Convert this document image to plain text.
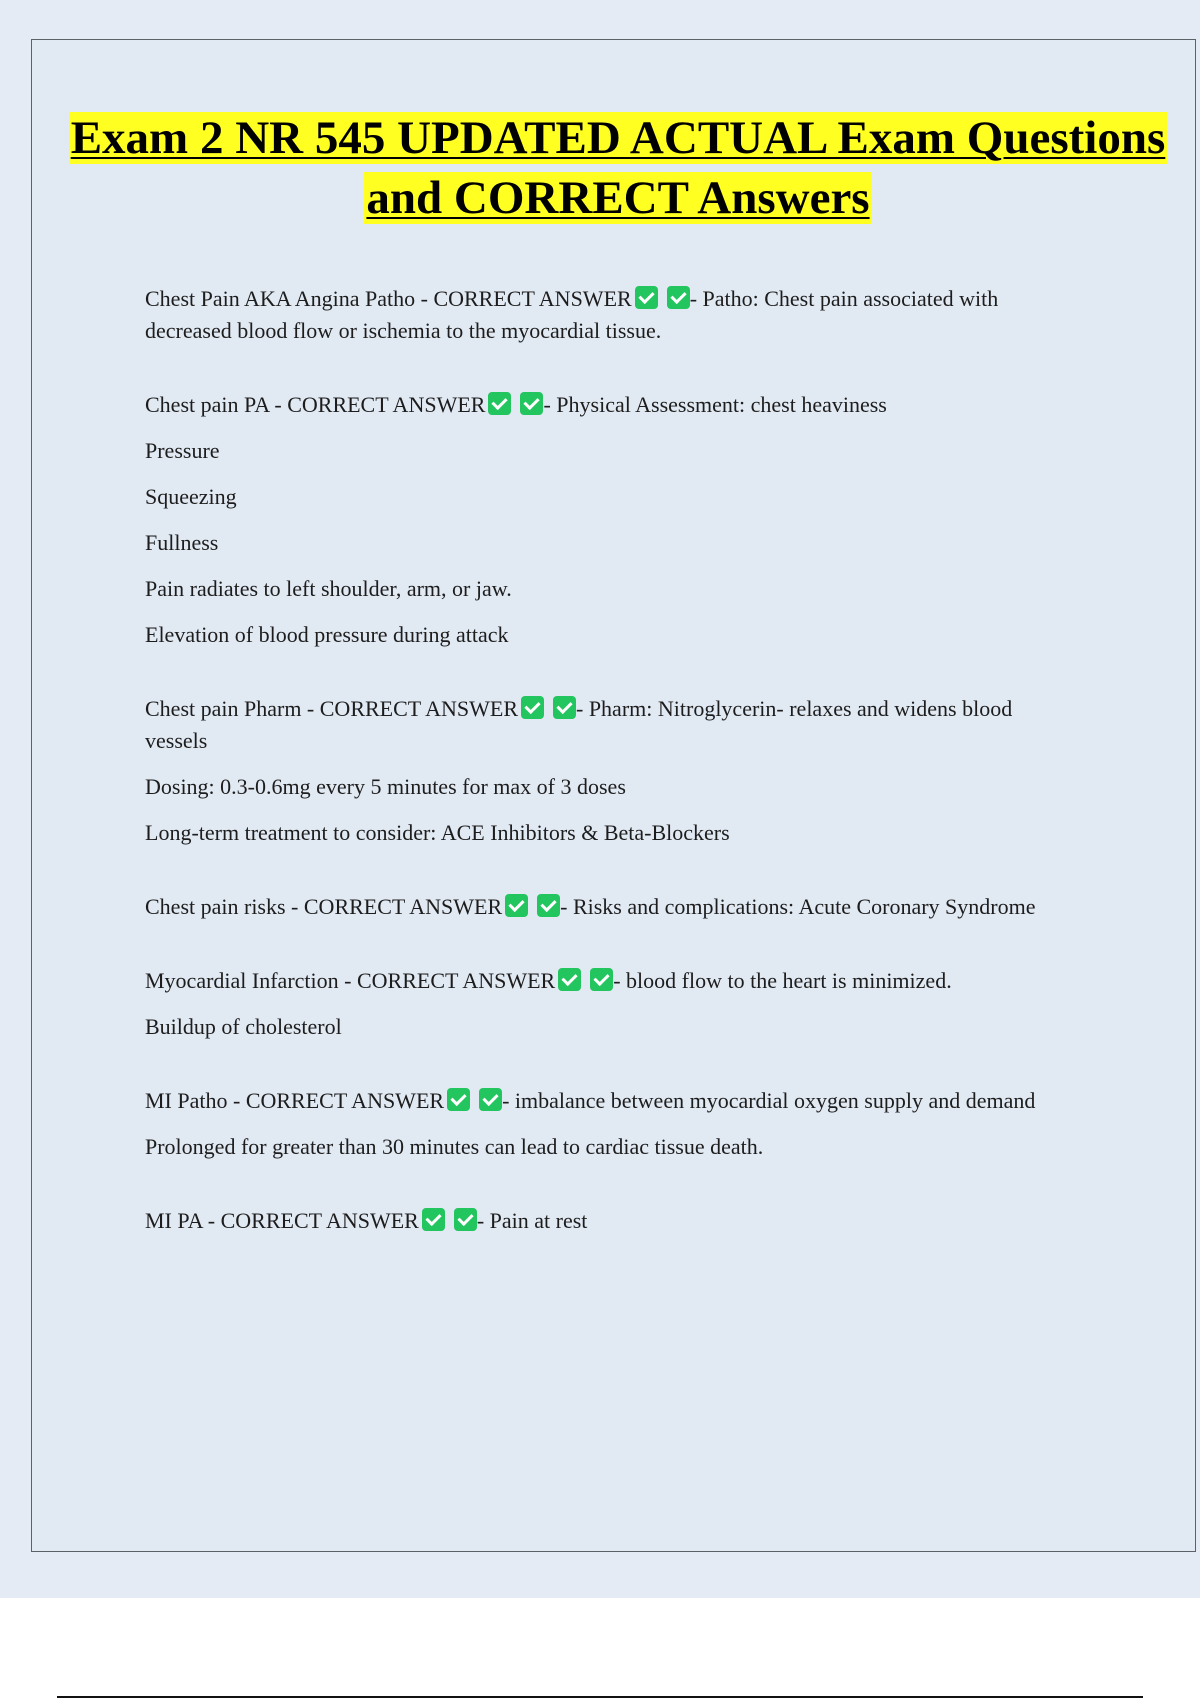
Exam 2 NR 545 UPDATED ACTUAL Exam Questions and CORRECT Answers

Chest Pain AKA Angina Patho - CORRECT ANSWER	- Patho: Chest pain associated with decreased blood flow or ischemia to the myocardial tissue.

Chest pain PA - CORRECT ANSWER	- Physical Assessment: chest heaviness

Pressure

Squeezing

Fullness

Pain radiates to left shoulder, arm, or jaw.

Elevation of blood pressure during attack

Chest pain Pharm - CORRECT ANSWER	- Pharm: Nitroglycerin- relaxes and widens blood vessels

Dosing: 0.3-0.6mg every 5 minutes for max of 3 doses

Long-term treatment to consider: ACE Inhibitors & Beta-Blockers

Chest pain risks - CORRECT ANSWER	- Risks and complications: Acute Coronary Syndrome

Myocardial Infarction - CORRECT ANSWER	- blood flow to the heart is minimized.

Buildup of cholesterol

MI Patho - CORRECT ANSWER	- imbalance between myocardial oxygen supply and demand

Prolonged for greater than 30 minutes can lead to cardiac tissue death.

MI PA - CORRECT ANSWER	- Pain at rest
